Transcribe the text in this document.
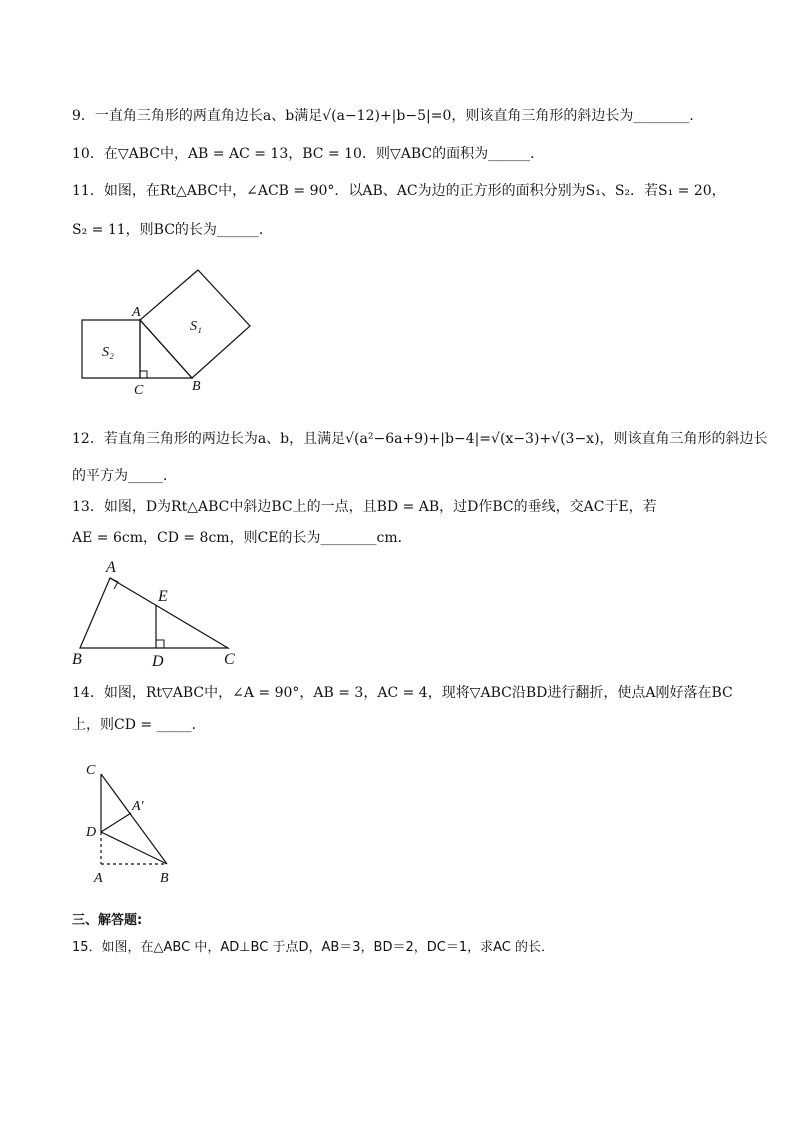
9．一直角三角形的两直角边长a、b满足√(a−12)+|b−5|=0，则该直角三角形的斜边长为________．
10．在▽ABC中，AB = AC = 13，BC = 10．则▽ABC的面积为______．
11．如图，在Rt△ABC中，∠ACB = 90°．以AB、AC为边的正方形的面积分别为S₁、S₂．若S₁ = 20，
S₂ = 11，则BC的长为______．
A
B
C
S₁
S₂
12．若直角三角形的两边长为a、b，且满足√(a²−6a+9)+|b−4|=√(x−3)+√(3−x)，则该直角三角形的斜边长
的平方为_____．
13．如图，D为Rt△ABC中斜边BC上的一点，且BD = AB，过D作BC的垂线，交AC于E，若
AE = 6cm，CD = 8cm，则CE的长为________cm．
A
B	C
D
E
14．如图，Rt▽ABC中，∠A = 90°，AB = 3，AC = 4，现将▽ABC沿BD进行翻折，使点A刚好落在BC
上，则CD = _____．
C
D
A	B
A′
三、解答题:
15．如图，在△ABC 中，AD⊥BC 于点D，AB＝3，BD＝2，DC＝1，求AC 的长．
